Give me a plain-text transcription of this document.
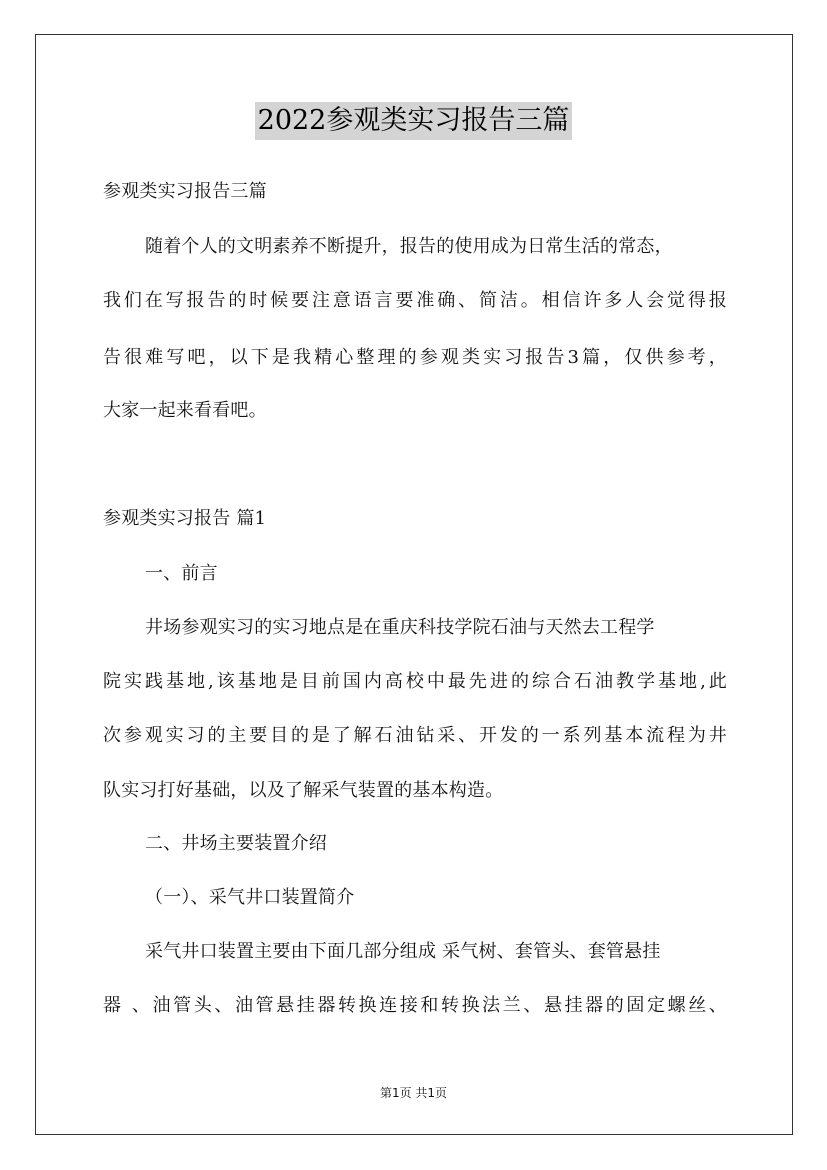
2022参观类实习报告三篇
参观类实习报告三篇
随着个人的文明素养不断提升，报告的使用成为日常生活的常态，
我们在写报告的时候要注意语言要准确、简洁。相信许多人会觉得报
告很难写吧，以下是我精心整理的参观类实习报告3篇，仅供参考，
大家一起来看看吧。
参观类实习报告 篇1
一、前言
井场参观实习的实习地点是在重庆科技学院石油与天然去工程学
院实践基地,该基地是目前国内高校中最先进的综合石油教学基地,此
次参观实习的主要目的是了解石油钻采、开发的一系列基本流程为井
队实习打好基础，以及了解采气装置的基本构造。
二、井场主要装置介绍
（一）、采气井口装置简介
采气井口装置主要由下面几部分组成 采气树、套管头、套管悬挂
器 、油管头、油管悬挂器转换连接和转换法兰、悬挂器的固定螺丝、
第1页 共1页
